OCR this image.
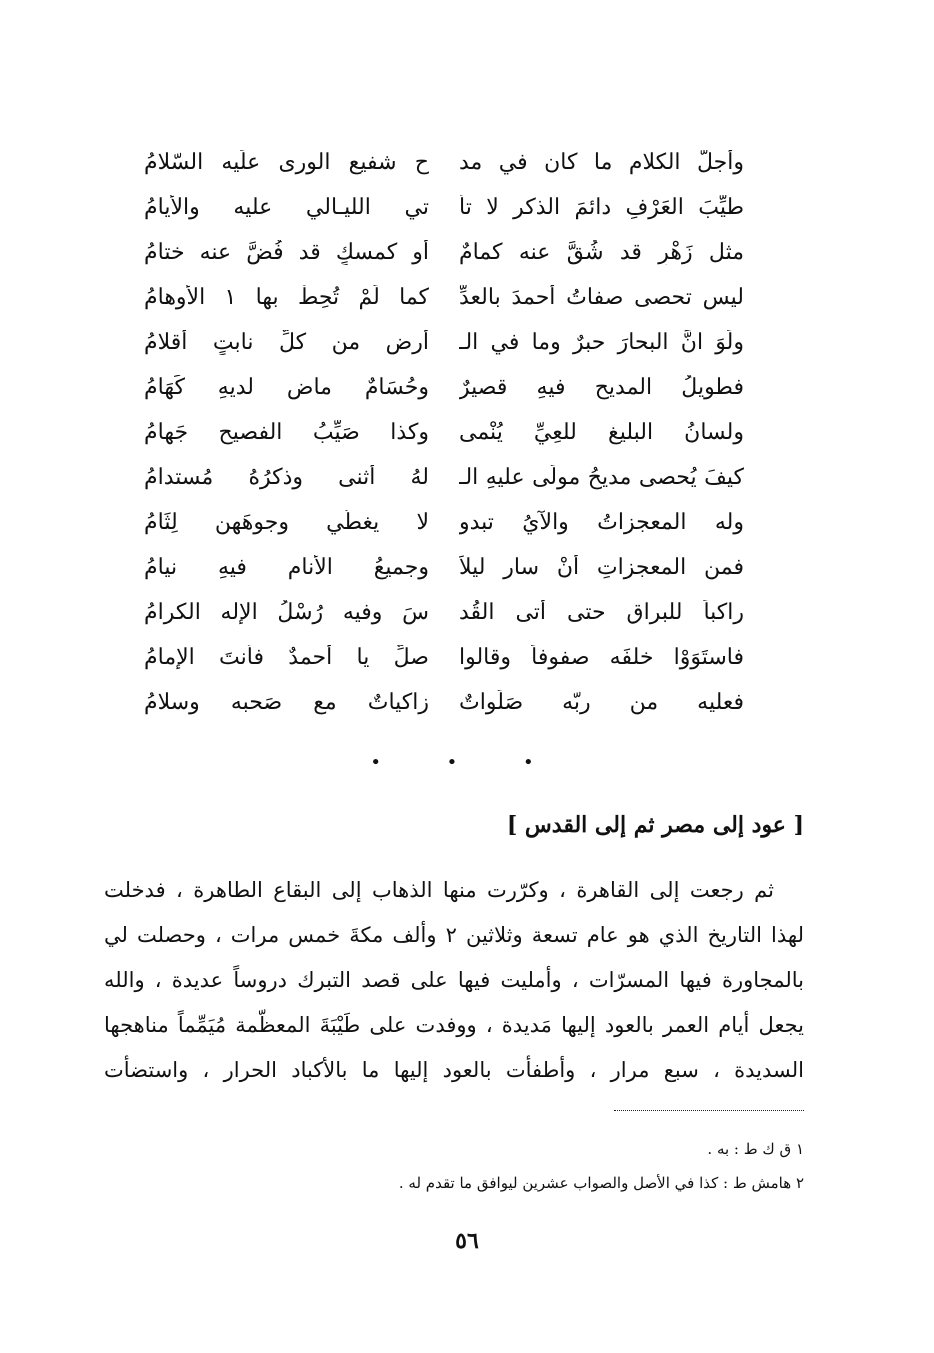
وأجلُّ الكلامِ ما كان في مد
حِ شفيعِ الورى علَيه السّلامُ
طيِّبَ العَرْفِ دائمَ الذكرِ لا تأ
تي الليـالي عليه والأيامُ
مثل زَهْرٍ قد شُقَّ عنه كمامٌ
أو كمسكٍ قد فُضَّ عنه ختامُ
ليس تحصى صفاتُ أحمدَ بالعدِّ
كما لَمْ تُحِطْ بها ١ الأوهامُ
ولَوَ انَّ البحارَ حبرٌ وما في الـ
أرض من كلِّ نابتٍ أقلامُ
فطويلُ المديحِ فيهِ قصيرٌ
وحُسَامٌ ماضٍ لديهِ كَهَامُ
ولسانُ البليغِ للعِيِّ يُنْمى
وكذا صَيِّبُ الفصيحِ جَهامُ
كيفَ يُحصى مديحُ مولًى عليهِ الـ
لهُ أثنى وذكرُهُ مُستدامُ
وله المعجزاتُ والآيُ تبدو
لا يغطّي وجوهَهن لِثَامُ
فمن المعجزاتِ أنْ سار ليلاً
وجميعُ الأنامِ فيهِ نيامُ
راكباً للبراقِ حتى أتى القُد
سَ وفيه رُسْلُ الإله الكرامُ
فاستَوَوْا خلفَه صفوفاً وقالوا
صلِّ يا أحمدٌ فأنتَ الإمامُ
فعليه من ربّه صَلَواتٌ
زاكياتٌ مع صَحبه وسلامُ
• • •
[ عود إلى مصر ثم إلى القدس ]
ثم رجعت إلى القاهرة ، وكرّرت منها الذهاب إلى البقاع الطاهرة ، فدخلت
لهذا التاريخ الذي هو عام تسعة وثلاثين ٢ وألف مكةَ خمس مرات ، وحصلت لي
بالمجاورة فيها المسرّات ، وأمليت فيها على قصد التبرك دروساً عديدة ، والله
يجعل أيام العمر بالعود إليها مَديدة ، ووفدت على طَيْبَةَ المعظّمة مُيَمِّماً مناهجها
السديدة ، سبع مرار ، وأطفأت بالعود إليها ما بالأكباد الحرار ، واستضأت
١ ق ك ط : به .
٢ هامش ط : كذا في الأصل والصواب عشرين ليوافق ما تقدم له .
٥٦
